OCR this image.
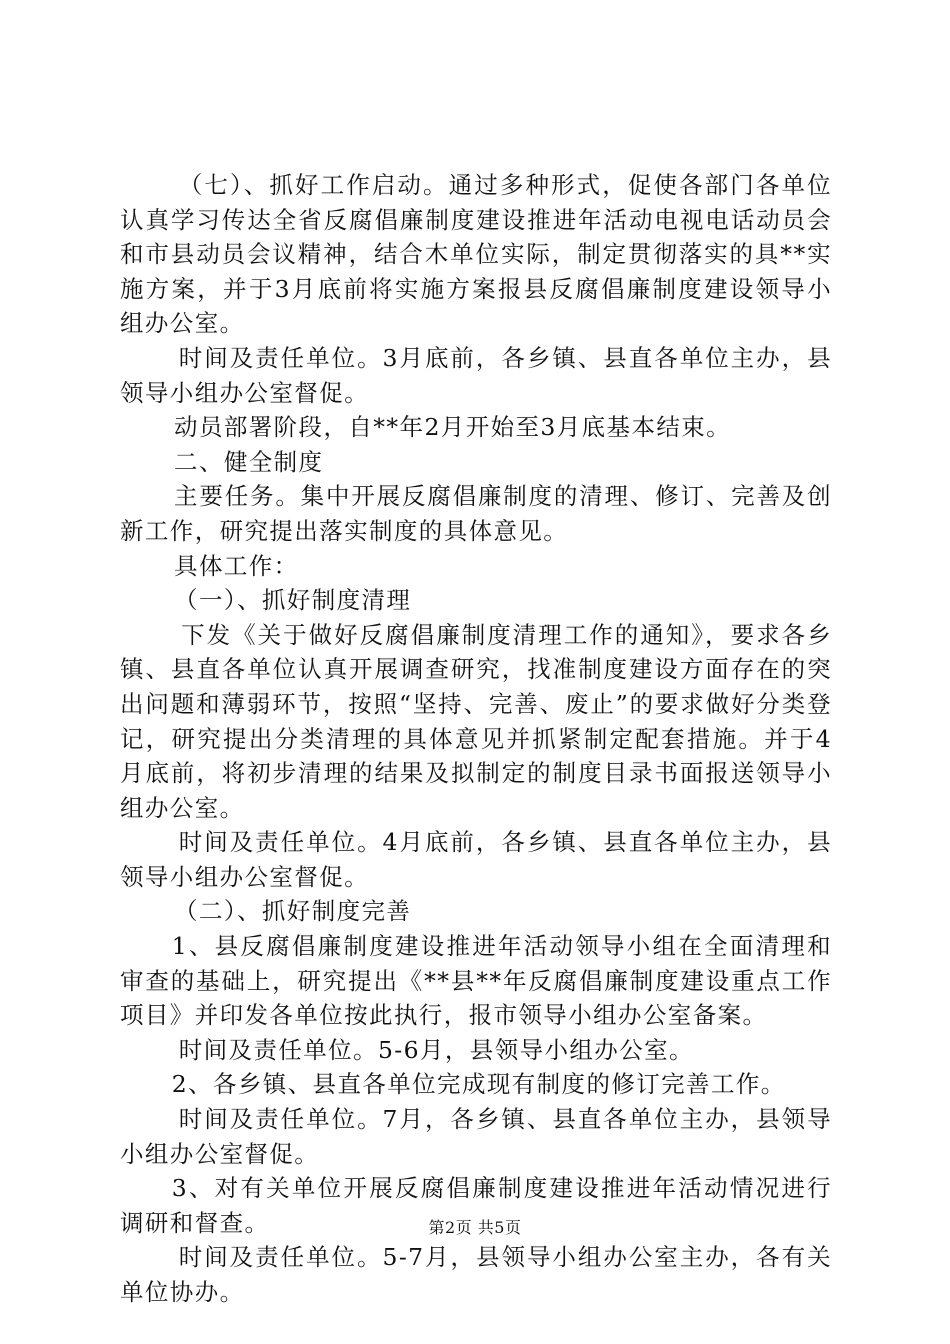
（七）、抓好工作启动。通过多种形式，促使各部门各单位认真学习传达全省反腐倡廉制度建设推进年活动电视电话动员会和市县动员会议精神，结合木单位实际，制定贯彻落实的具**实施方案，并于3月底前将实施方案报县反腐倡廉制度建设领导小组办公室。

时间及责任单位。3月底前，各乡镇、县直各单位主办，县领导小组办公室督促。

动员部署阶段，自**年2月开始至3月底基本结束。

二、健全制度

主要任务。集中开展反腐倡廉制度的清理、修订、完善及创新工作，研究提出落实制度的具体意见。

具体工作：

（一）、抓好制度清理

下发《关于做好反腐倡廉制度清理工作的通知》，要求各乡镇、县直各单位认真开展调查研究，找准制度建设方面存在的突出问题和薄弱环节，按照“坚持、完善、废止”的要求做好分类登记，研究提出分类清理的具体意见并抓紧制定配套措施。并于4月底前，将初步清理的结果及拟制定的制度目录书面报送领导小组办公室。

时间及责任单位。4月底前，各乡镇、县直各单位主办，县领导小组办公室督促。

（二）、抓好制度完善

1、县反腐倡廉制度建设推进年活动领导小组在全面清理和审查的基础上，研究提出《**县**年反腐倡廉制度建设重点工作项目》并印发各单位按此执行，报市领导小组办公室备案。

时间及责任单位。5-6月，县领导小组办公室。

2、各乡镇、县直各单位完成现有制度的修订完善工作。

时间及责任单位。7月，各乡镇、县直各单位主办，县领导小组办公室督促。

3、对有关单位开展反腐倡廉制度建设推进年活动情况进行调研和督查。

时间及责任单位。5-7月，县领导小组办公室主办，各有关单位协办。

第2页 共5页
